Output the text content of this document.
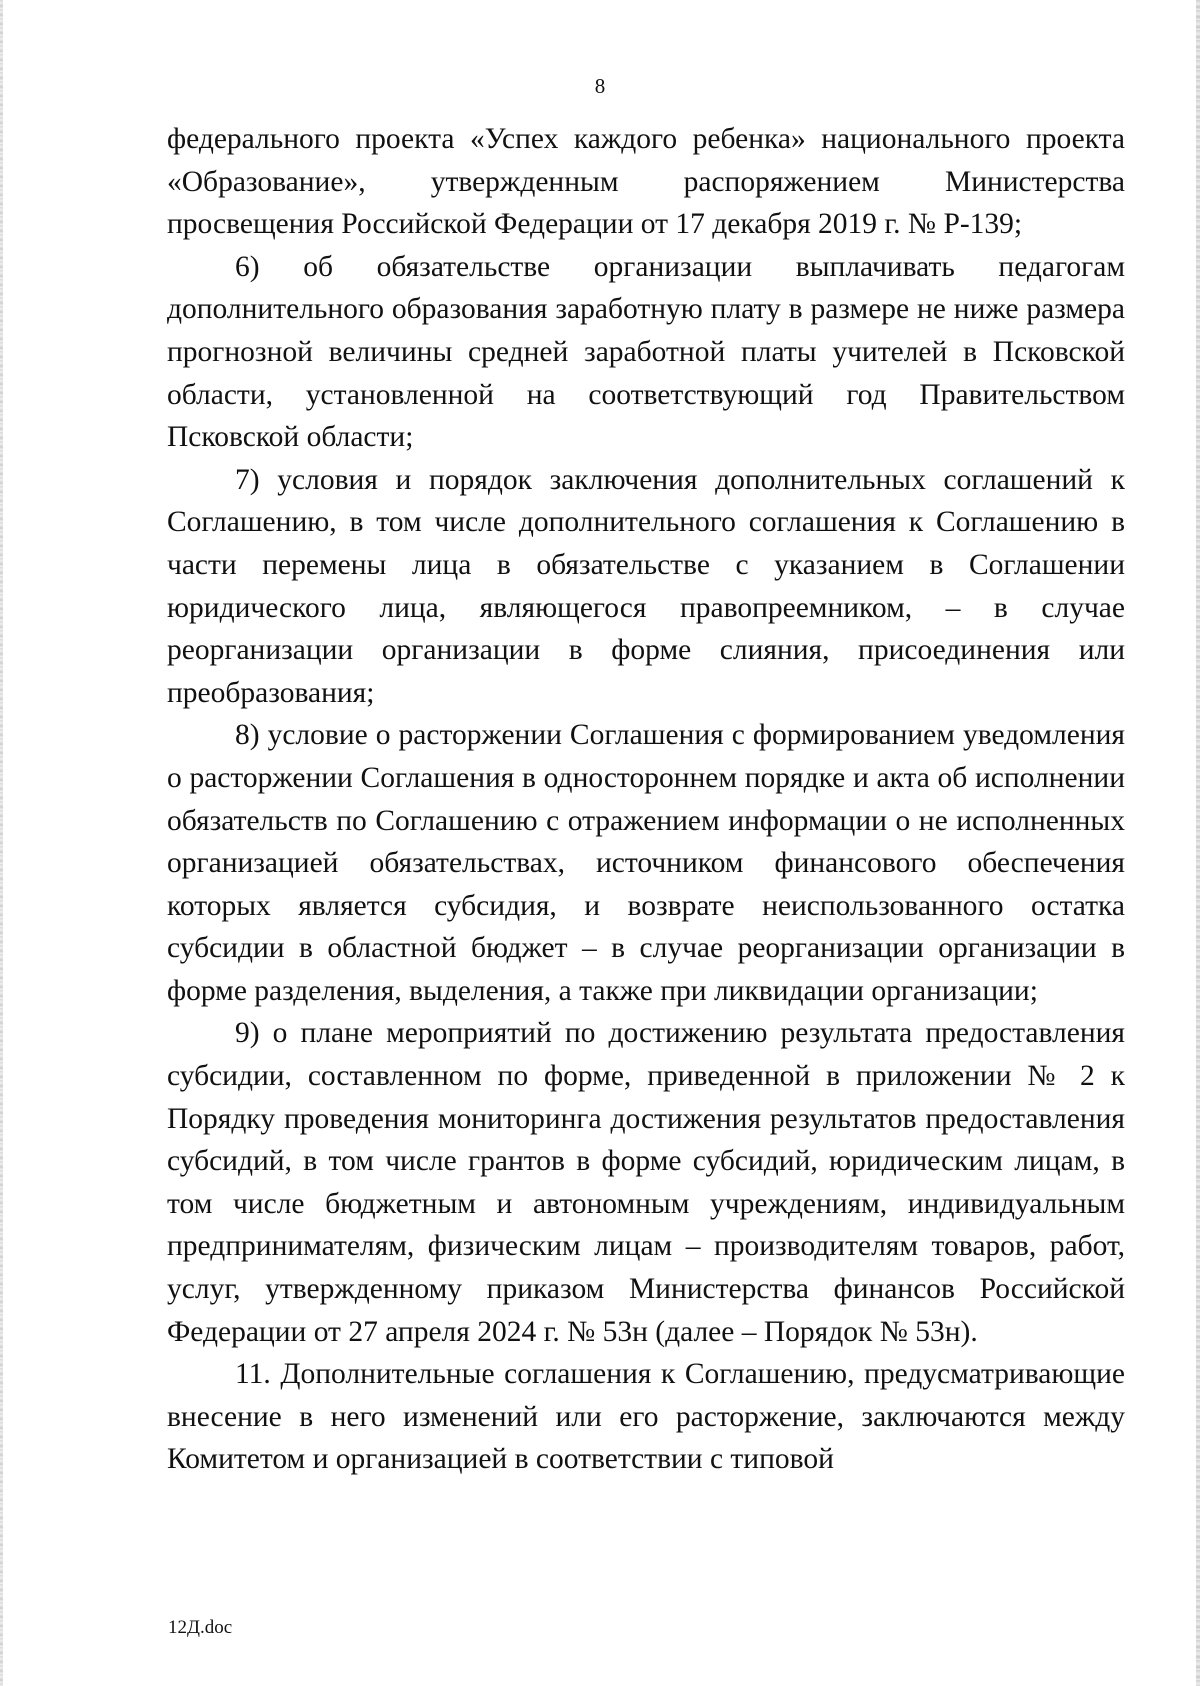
8

федерального проекта «Успех каждого ребенка» национального проекта «Образование», утвержденным распоряжением Министерства просвещения Российской Федерации от 17 декабря 2019 г. № Р-139;

6) об обязательстве организации выплачивать педагогам дополнительного образования заработную плату в размере не ниже размера прогнозной величины средней заработной платы учителей в Псковской области, установленной на соответствующий год Правительством Псковской области;

7) условия и порядок заключения дополнительных соглашений к Соглашению, в том числе дополнительного соглашения к Соглашению в части перемены лица в обязательстве с указанием в Соглашении юридического лица, являющегося правопреемником, – в случае реорганизации организации в форме слияния, присоединения или преобразования;

8) условие о расторжении Соглашения с формированием уведомления о расторжении Соглашения в одностороннем порядке и акта об исполнении обязательств по Соглашению с отражением информации о не исполненных организацией обязательствах, источником финансового обеспечения которых является субсидия, и возврате неиспользованного остатка субсидии в областной бюджет – в случае реорганизации организации в форме разделения, выделения, а также при ликвидации организации;

9) о плане мероприятий по достижению результата предоставления субсидии, составленном по форме, приведенной в приложении № 2 к Порядку проведения мониторинга достижения результатов предоставления субсидий, в том числе грантов в форме субсидий, юридическим лицам, в том числе бюджетным и автономным учреждениям, индивидуальным предпринимателям, физическим лицам – производителям товаров, работ, услуг, утвержденному приказом Министерства финансов Российской Федерации от 27 апреля 2024 г. № 53н (далее – Порядок № 53н).

11. Дополнительные соглашения к Соглашению, предусматривающие внесение в него изменений или его расторжение, заключаются между Комитетом и организацией в соответствии с типовой

12Д.doc
